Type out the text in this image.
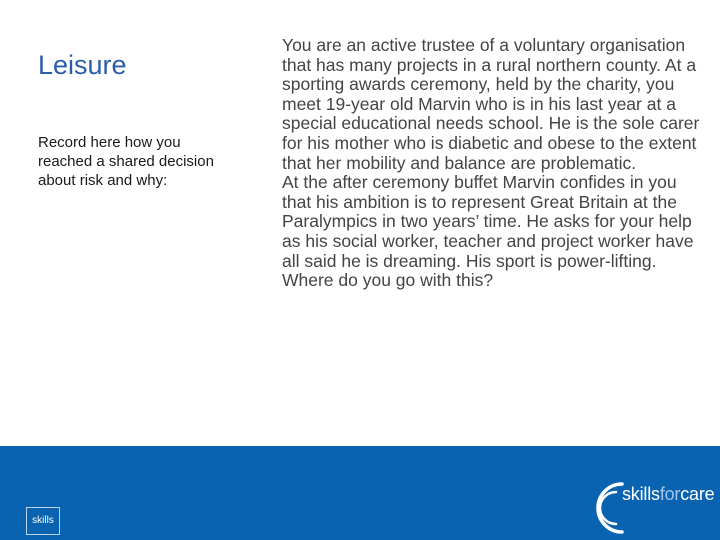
Leisure
Record here how you reached a shared decision about risk and why:

You are an active trustee of a voluntary organisation that has many projects in a rural northern county. At a sporting awards ceremony, held by the charity, you meet 19-year old Marvin who is in his last year at a special educational needs school. He is the sole carer for his mother who is diabetic and obese to the extent that her mobility and balance are problematic.

At the after ceremony buffet Marvin confides in you that his ambition is to represent Great Britain at the Paralympics in two years’ time. He asks for your help as his social worker, teacher and project worker have all said he is dreaming. His sport is power-lifting.

Where do you go with this?

skills
skillsforcare
